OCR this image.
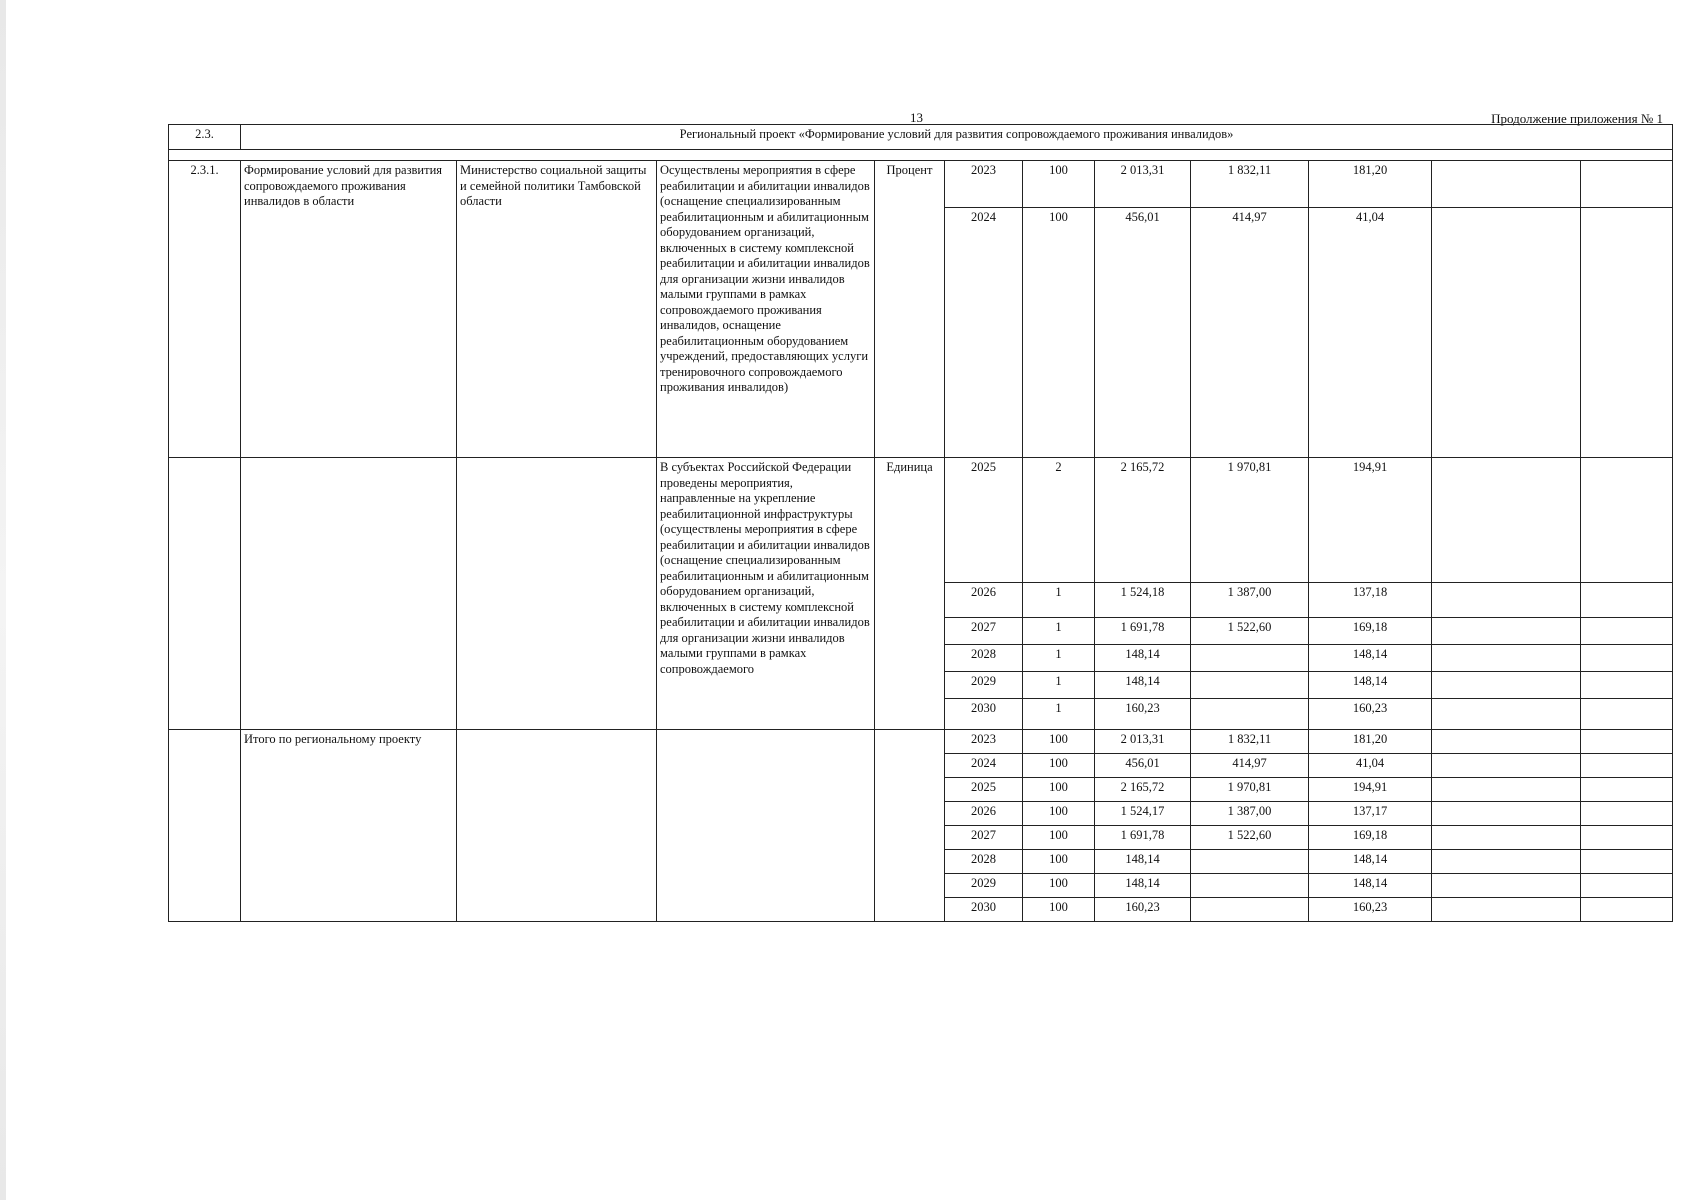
13	Продолжение приложения № 1
2.3.	Региональный проект «Формирование условий для развития сопровождаемого проживания инвалидов»										

2.3.1.	Формирование условий для развития сопровождаемого проживания инвалидов в области	Министерство социальной защиты и семейной политики Тамбовской области	Осуществлены мероприятия в сфере реабилитации и абилитации инвалидов (оснащение специализированным реабилитационным и абилитационным оборудованием организаций, включенных в систему комплексной реабилитации и абилитации инвалидов для организации жизни инвалидов малыми группами в рамках сопровождаемого проживания инвалидов, оснащение реабилитационным оборудованием учреждений, предоставляющих услуги тренировочного сопровождаемого проживания инвалидов)	Процент	2023	100	2 013,31	1 832,11	181,20		
					2024	100	456,01	414,97	41,04		
			В субъектах Российской Федерации проведены мероприятия, направленные на укрепление реабилитационной инфраструктуры (осуществлены мероприятия в сфере реабилитации и абилитации инвалидов (оснащение специализированным реабилитационным и абилитационным оборудованием организаций, включенных в систему комплексной реабилитации и абилитации инвалидов для организации жизни инвалидов малыми группами в рамках сопровождаемого	Единица	2025	2	2 165,72	1 970,81	194,91		
					2026	1	1 524,18	1 387,00	137,18		
					2027	1	1 691,78	1 522,60	169,18		
					2028	1	148,14		148,14		
					2029	1	148,14		148,14		
					2030	1	160,23		160,23		
	Итого по региональному проекту				2023	100	2 013,31	1 832,11	181,20		
					2024	100	456,01	414,97	41,04		
					2025	100	2 165,72	1 970,81	194,91		
					2026	100	1 524,17	1 387,00	137,17		
					2027	100	1 691,78	1 522,60	169,18		
					2028	100	148,14		148,14		
					2029	100	148,14		148,14		
					2030	100	160,23		160,23		
